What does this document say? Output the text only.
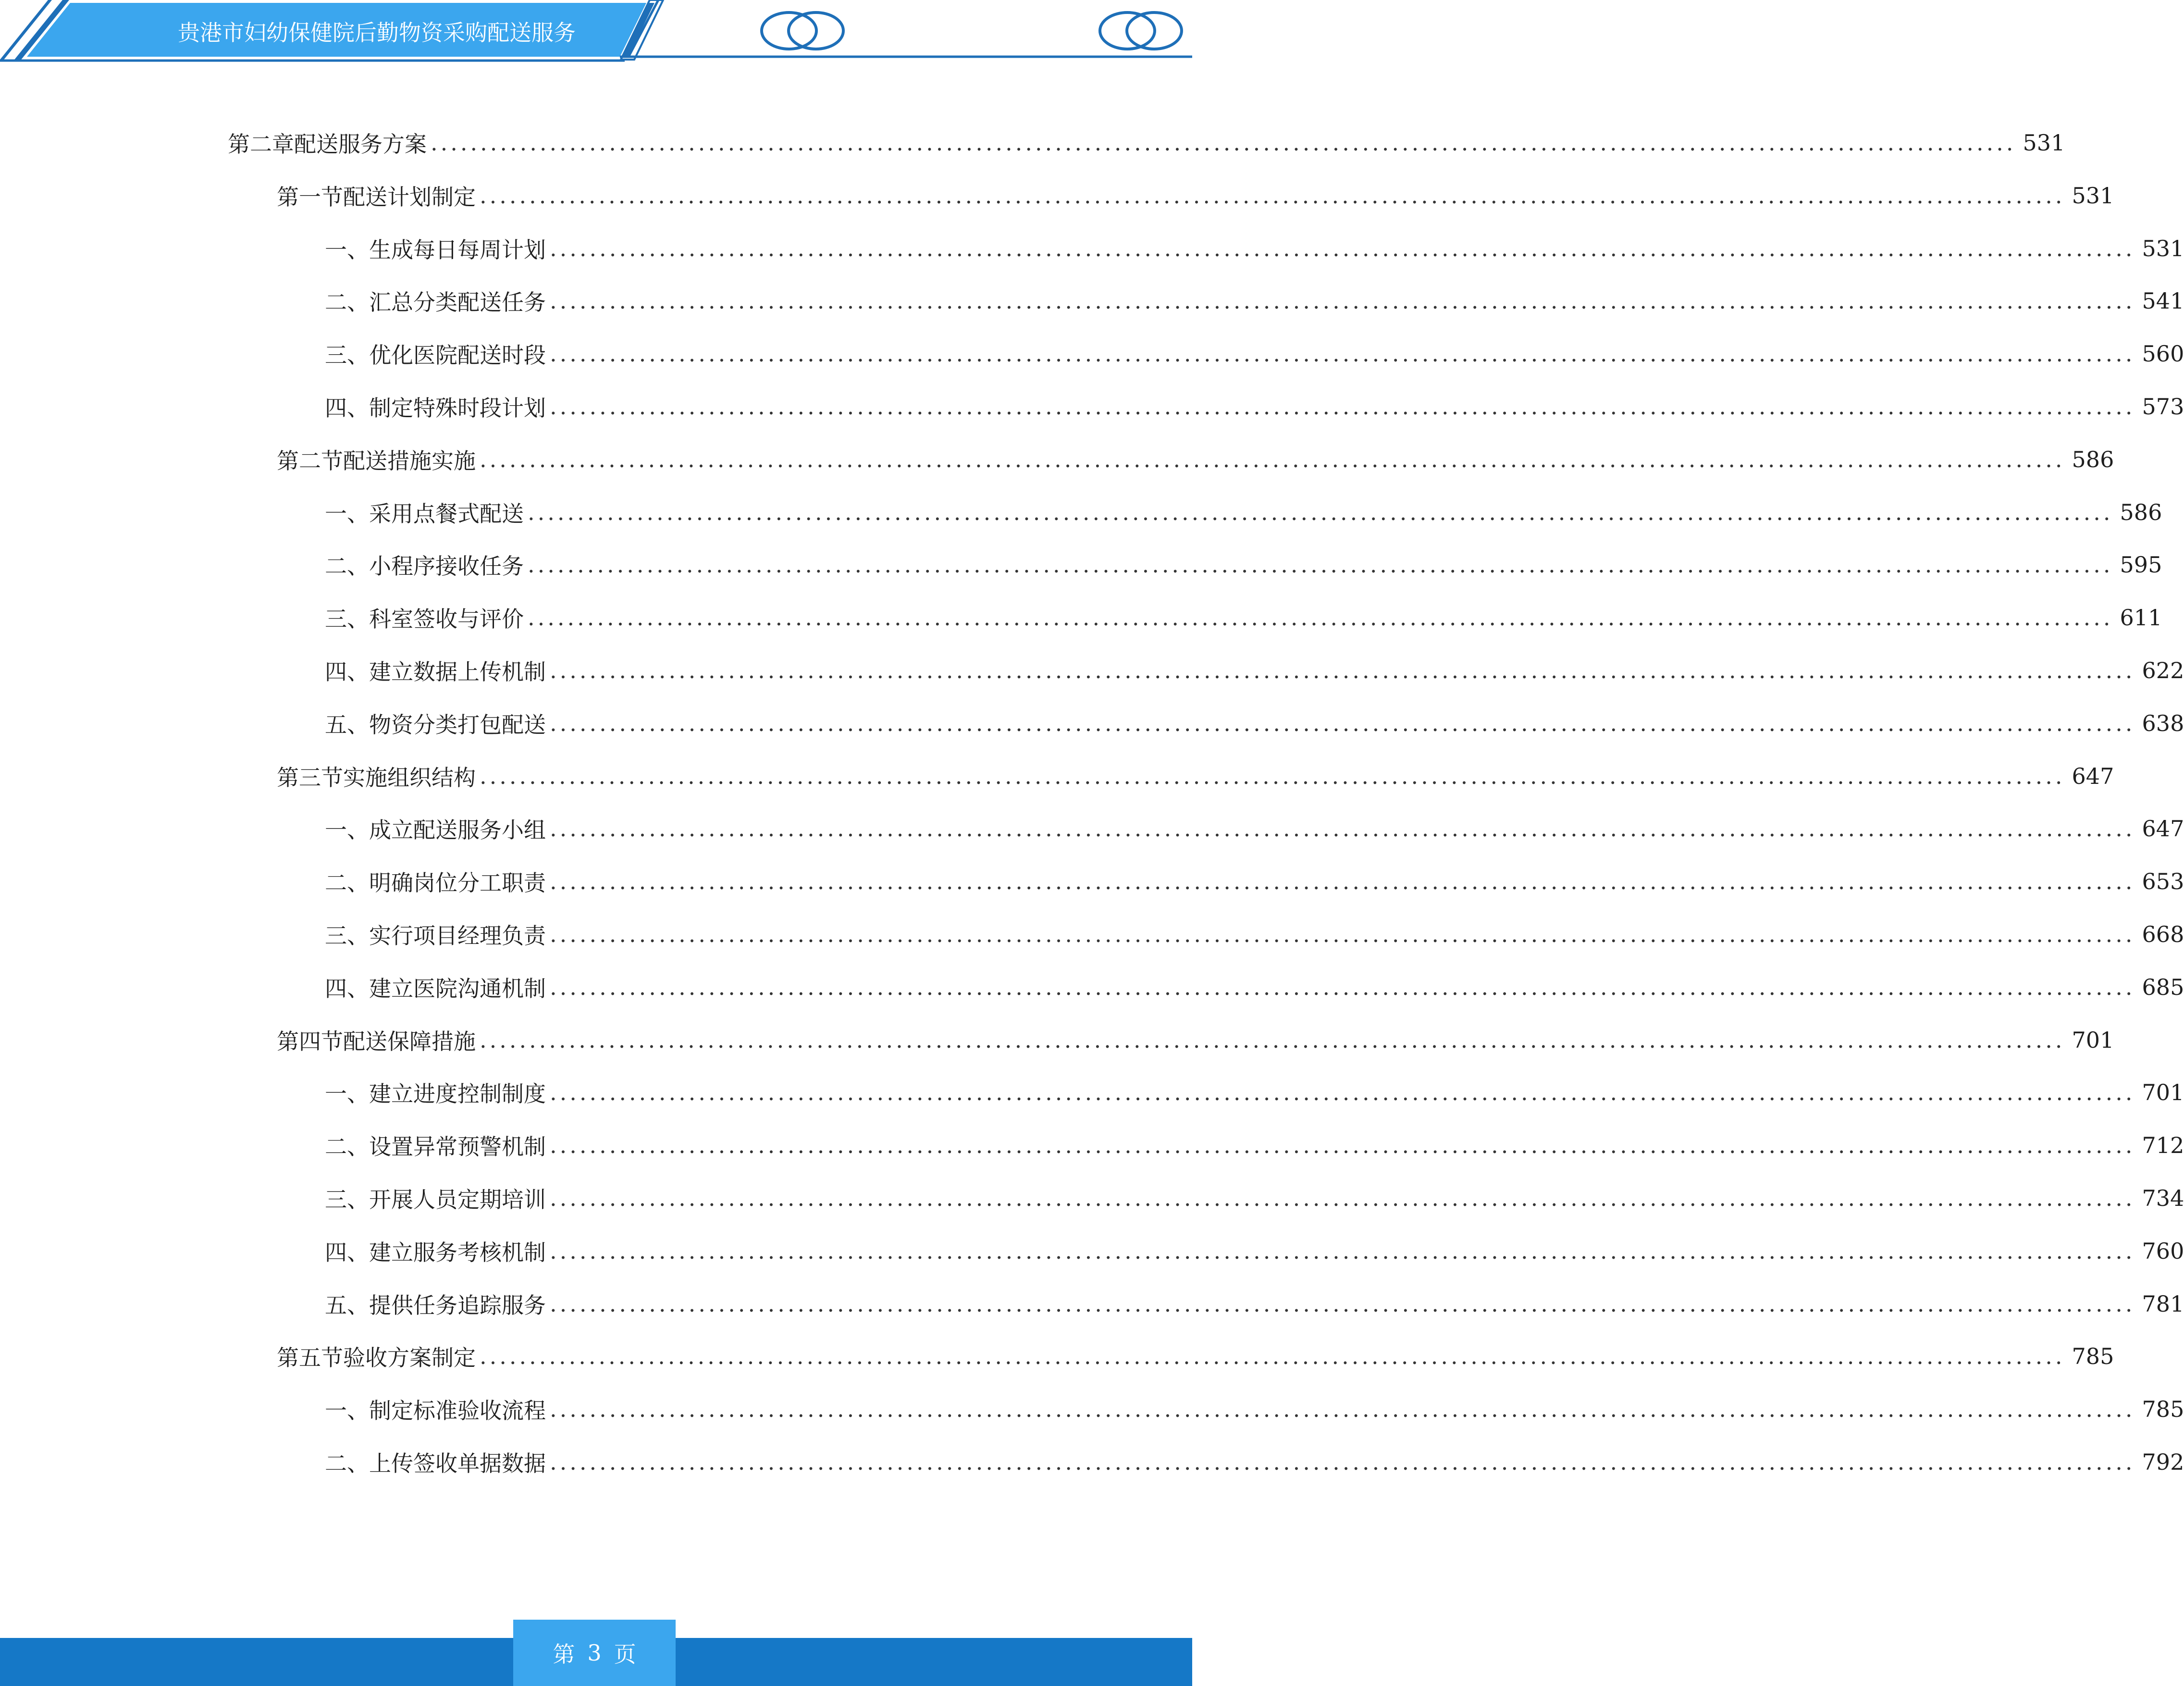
贵港市妇幼保健院后勤物资采购配送服务
第二章 配送服务方案 ................................................................................................................................................................ 531
第一节 配送计划制定 ................................................................................................................................................................ 531
一、 生成每日每周计划 ................................................................................................................................................................ 531
二、 汇总分类配送任务 ................................................................................................................................................................ 541
三、 优化医院配送时段 ................................................................................................................................................................ 560
四、 制定特殊时段计划 ................................................................................................................................................................ 573
第二节 配送措施实施 ................................................................................................................................................................ 586
一、 采用点餐式配送 ................................................................................................................................................................ 586
二、 小程序接收任务 ................................................................................................................................................................ 595
三、 科室签收与评价 ................................................................................................................................................................ 611
四、 建立数据上传机制 ................................................................................................................................................................ 622
五、 物资分类打包配送 ................................................................................................................................................................ 638
第三节 实施组织结构 ................................................................................................................................................................ 647
一、 成立配送服务小组 ................................................................................................................................................................ 647
二、 明确岗位分工职责 ................................................................................................................................................................ 653
三、 实行项目经理负责 ................................................................................................................................................................ 668
四、 建立医院沟通机制 ................................................................................................................................................................ 685
第四节 配送保障措施 ................................................................................................................................................................ 701
一、 建立进度控制制度 ................................................................................................................................................................ 701
二、 设置异常预警机制 ................................................................................................................................................................ 712
三、 开展人员定期培训 ................................................................................................................................................................ 734
四、 建立服务考核机制 ................................................................................................................................................................ 760
五、 提供任务追踪服务 ................................................................................................................................................................ 781
第五节 验收方案制定 ................................................................................................................................................................ 785
一、 制定标准验收流程 ................................................................................................................................................................ 785
二、 上传签收单据数据 ................................................................................................................................................................ 792
第 3 页
